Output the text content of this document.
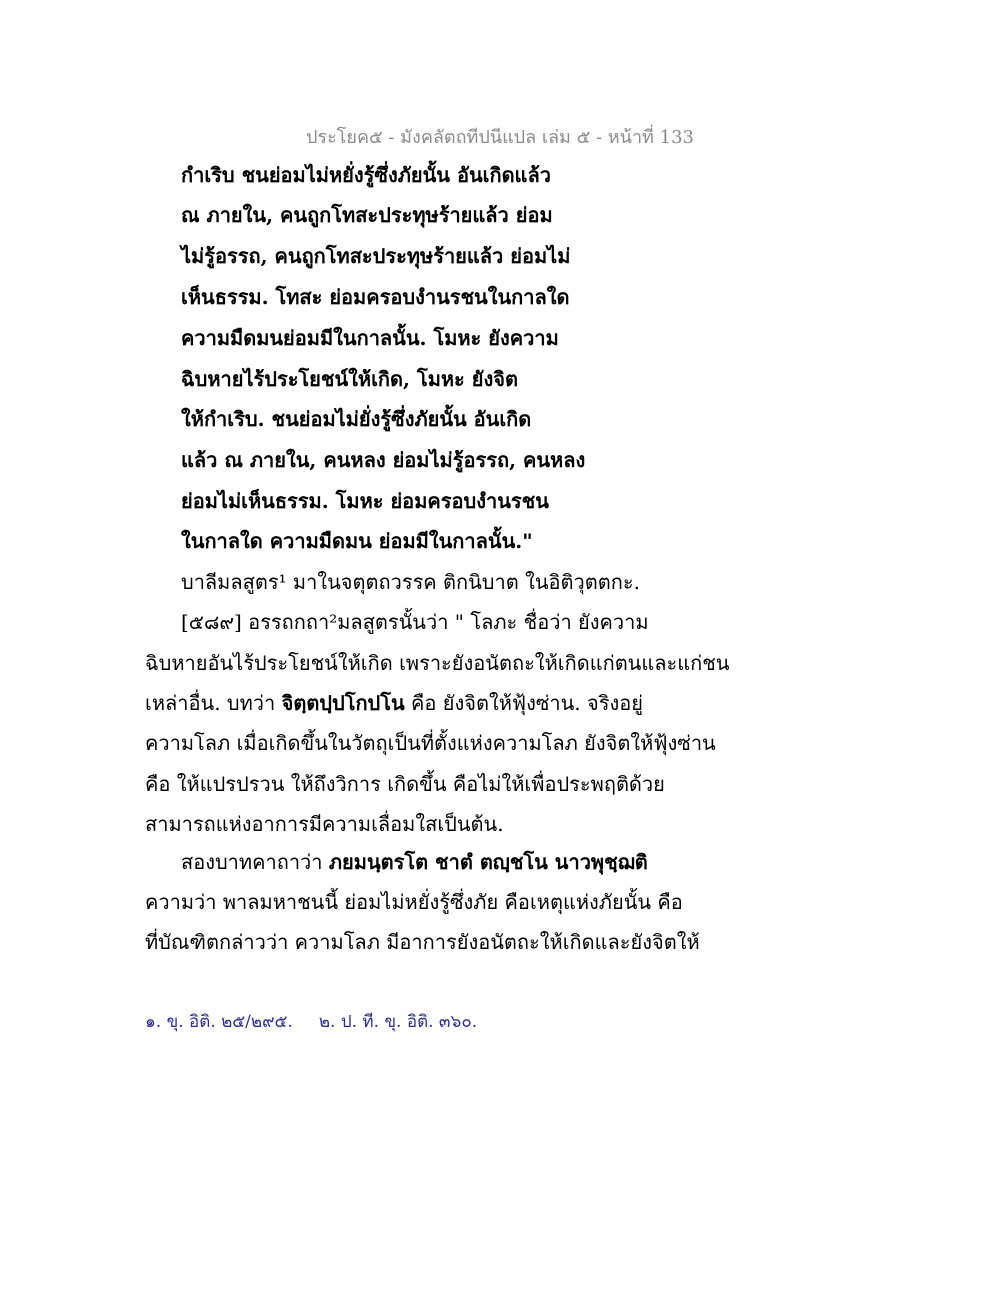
ประโยค๕ - มังคลัตถทีปนีแปล เล่ม ๕ - หน้าที่ 133
กำเริบ ชนย่อมไม่หยั่งรู้ซึ่งภัยนั้น อันเกิดแล้ว
ณ ภายใน, คนถูกโทสะประทุษร้ายแล้ว ย่อม
ไม่รู้อรรถ, คนถูกโทสะประทุษร้ายแล้ว ย่อมไม่
เห็นธรรม. โทสะ ย่อมครอบงำนรชนในกาลใด
ความมืดมนย่อมมีในกาลนั้น. โมหะ ยังความ
ฉิบหายไร้ประโยชน์ให้เกิด, โมหะ ยังจิต
ให้กำเริบ. ชนย่อมไม่ยั่งรู้ซึ่งภัยนั้น อันเกิด
แล้ว ณ ภายใน, คนหลง ย่อมไม่รู้อรรถ, คนหลง
ย่อมไม่เห็นธรรม. โมหะ ย่อมครอบงำนรชน
ในกาลใด ความมืดมน ย่อมมีในกาลนั้น."
บาลีมลสูตร¹ มาในจตุตถวรรค ติกนิบาต ในอิติวุตตกะ.
[๕๘๙] อรรถกถา²มลสูตรนั้นว่า " โลภะ ชื่อว่า ยังความ
ฉิบหายอันไร้ประโยชน์ให้เกิด เพราะยังอนัตถะให้เกิดแก่ตนและแก่ชน
เหล่าอื่น. บทว่า จิตฺตปฺปโกปโน คือ ยังจิตให้ฟุ้งซ่าน. จริงอยู่
ความโลภ เมื่อเกิดขึ้นในวัตถุเป็นที่ตั้งแห่งความโลภ ยังจิตให้ฟุ้งซ่าน
คือ ให้แปรปรวน ให้ถึงวิการ เกิดขึ้น คือไม่ให้เพื่อประพฤติด้วย
สามารถแห่งอาการมีความเลื่อมใสเป็นต้น.
สองบาทคาถาว่า ภยมนฺตรโต ชาตํ ตญฺชโน นาวพุชฺฌติ
ความว่า พาลมหาชนนี้ ย่อมไม่หยั่งรู้ซึ่งภัย คือเหตุแห่งภัยนั้น คือ
ที่บัณฑิตกล่าวว่า ความโลภ มีอาการยังอนัตถะให้เกิดและยังจิตให้
๑. ขุ. อิติ. ๒๕/๒๙๕. ๒. ป. ที. ขุ. อิติ. ๓๖๐.
